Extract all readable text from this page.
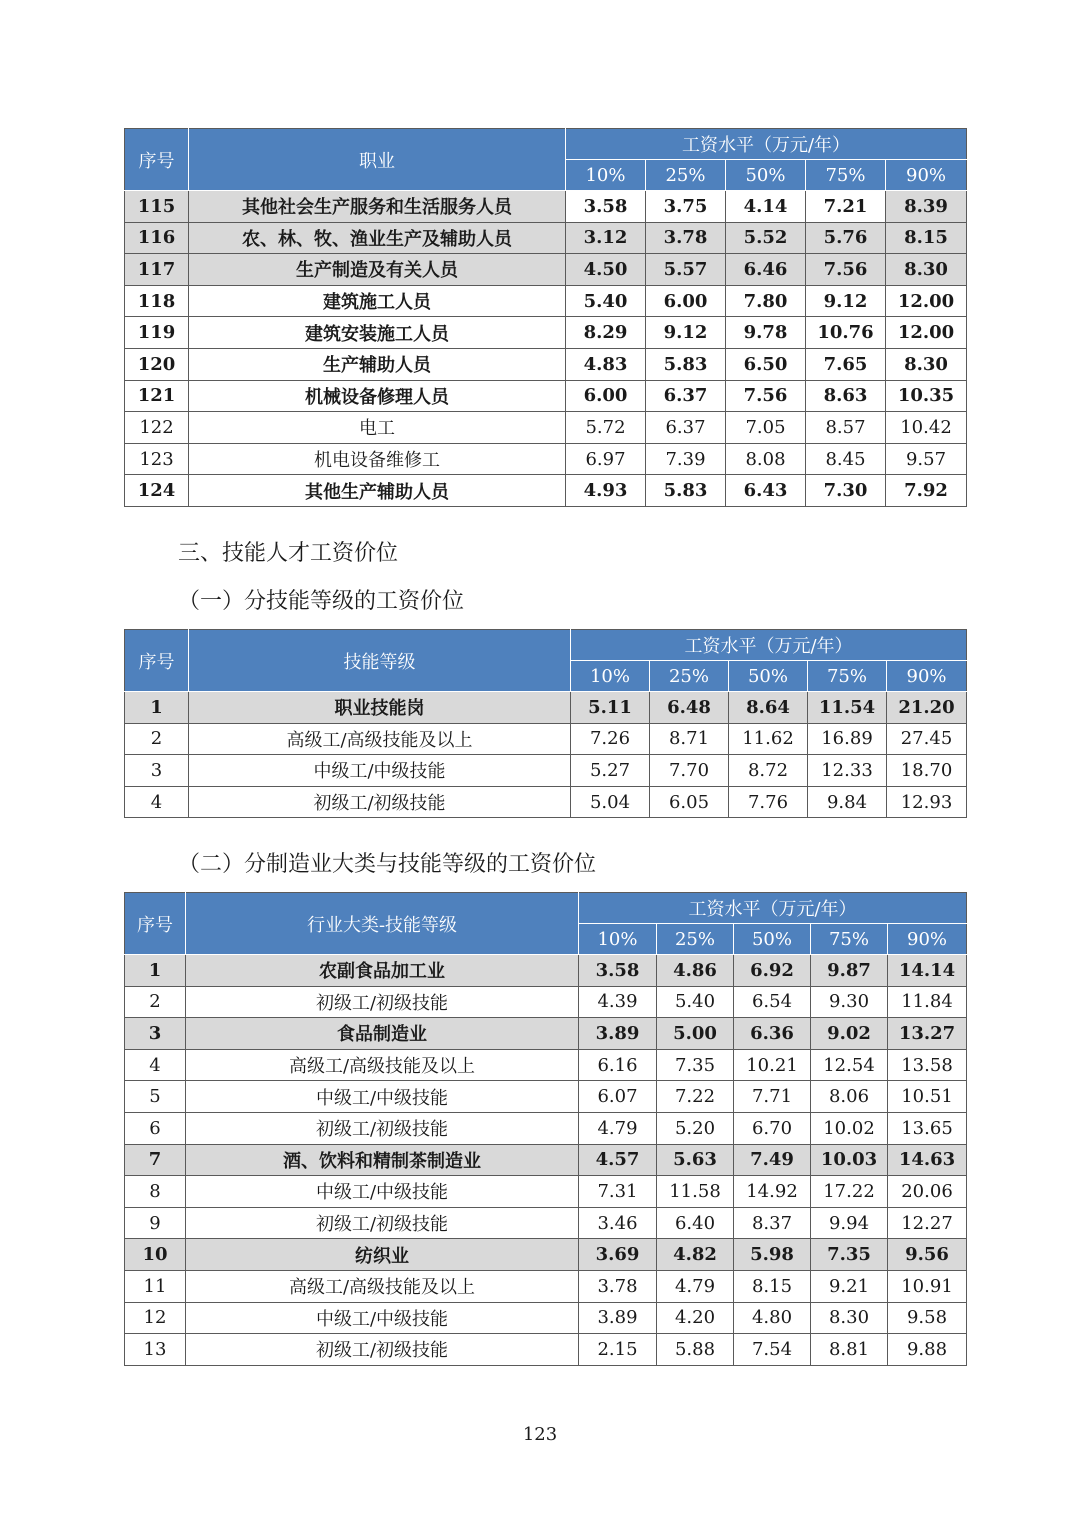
序号	职业	工资水平（万元/年）				
		10%	25%	50%	75%	90%
115	其他社会生产服务和生活服务人员	3.58	3.75	4.14	7.21	8.39
116	农、林、牧、渔业生产及辅助人员	3.12	3.78	5.52	5.76	8.15
117	生产制造及有关人员	4.50	5.57	6.46	7.56	8.30
118	建筑施工人员	5.40	6.00	7.80	9.12	12.00
119	建筑安装施工人员	8.29	9.12	9.78	10.76	12.00
120	生产辅助人员	4.83	5.83	6.50	7.65	8.30
121	机械设备修理人员	6.00	6.37	7.56	8.63	10.35
122	电工	5.72	6.37	7.05	8.57	10.42
123	机电设备维修工	6.97	7.39	8.08	8.45	9.57
124	其他生产辅助人员	4.93	5.83	6.43	7.30	7.92
三、技能人才工资价位
（一）分技能等级的工资价位
序号	技能等级	工资水平（万元/年）				
		10%	25%	50%	75%	90%
1	职业技能岗	5.11	6.48	8.64	11.54	21.20
2	高级工/高级技能及以上	7.26	8.71	11.62	16.89	27.45
3	中级工/中级技能	5.27	7.70	8.72	12.33	18.70
4	初级工/初级技能	5.04	6.05	7.76	9.84	12.93
（二）分制造业大类与技能等级的工资价位
序号	行业大类-技能等级	工资水平（万元/年）				
		10%	25%	50%	75%	90%
1	农副食品加工业	3.58	4.86	6.92	9.87	14.14
2	初级工/初级技能	4.39	5.40	6.54	9.30	11.84
3	食品制造业	3.89	5.00	6.36	9.02	13.27
4	高级工/高级技能及以上	6.16	7.35	10.21	12.54	13.58
5	中级工/中级技能	6.07	7.22	7.71	8.06	10.51
6	初级工/初级技能	4.79	5.20	6.70	10.02	13.65
7	酒、饮料和精制茶制造业	4.57	5.63	7.49	10.03	14.63
8	中级工/中级技能	7.31	11.58	14.92	17.22	20.06
9	初级工/初级技能	3.46	6.40	8.37	9.94	12.27
10	纺织业	3.69	4.82	5.98	7.35	9.56
11	高级工/高级技能及以上	3.78	4.79	8.15	9.21	10.91
12	中级工/中级技能	3.89	4.20	4.80	8.30	9.58
13	初级工/初级技能	2.15	5.88	7.54	8.81	9.88
123
